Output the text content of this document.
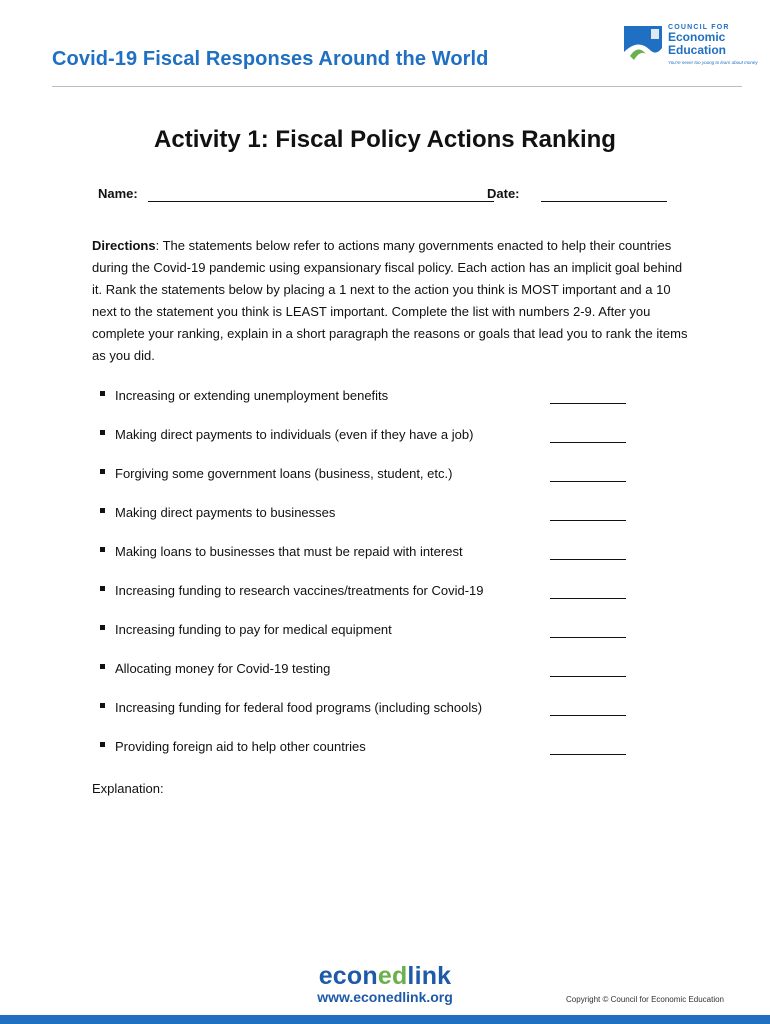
Covid-19 Fiscal Responses Around the World
COUNCIL FOR
Economic
Education
You're never too young to learn about money
Activity 1: Fiscal Policy Actions Ranking
Name:	Date:
Directions: The statements below refer to actions many governments enacted to help their countries during the Covid-19 pandemic using expansionary fiscal policy. Each action has an implicit goal behind it. Rank the statements below by placing a 1 next to the action you think is MOST important and a 10 next to the statement you think is LEAST important. Complete the list with numbers 2-9. After you complete your ranking, explain in a short paragraph the reasons or goals that lead you to rank the items as you did.
Increasing or extending unemployment benefits
Making direct payments to individuals (even if they have a job)
Forgiving some government loans (business, student, etc.)
Making direct payments to businesses
Making loans to businesses that must be repaid with interest
Increasing funding to research vaccines/treatments for Covid-19
Increasing funding to pay for medical equipment
Allocating money for Covid-19 testing
Increasing funding for federal food programs (including schools)
Providing foreign aid to help other countries
Explanation:
econedlink
www.econedlink.org	Copyright © Council for Economic Education
